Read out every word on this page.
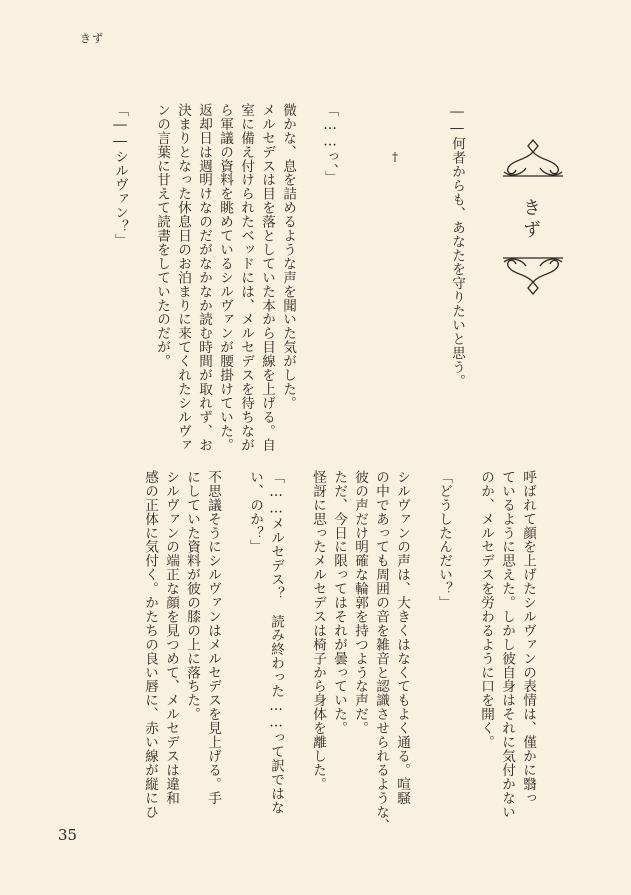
きず
きず
――何者からも、あなたを守りたいと思う。
†
「……っ、」

微かな、息を詰めるような声を聞いた気がした。
メルセデスは目を落としていた本から目線を上げる。自
室に備え付けられたベッドには、メルセデスを待ちなが
ら軍議の資料を眺めているシルヴァンが腰掛けていた。
返却日は週明けなのだがなかなか読む時間が取れず、お
決まりとなった休息日のお泊まりに来てくれたシルヴァ
ンの言葉に甘えて読書をしていたのだが。

「――シルヴァン？」
呼ばれて顔を上げたシルヴァンの表情は、僅かに翳っ
ているように思えた。しかし彼自身はそれに気付かない
のか、メルセデスを労わるように口を開く。

「どうしたんだい？」

シルヴァンの声は、大きくはなくてもよく通る。喧騒
の中であっても周囲の音を雑音と認識させられるような、
彼の声だけ明確な輪郭を持つような声だ。
ただ、今日に限ってはそれが曇っていた。
怪訝に思ったメルセデスは椅子から身体を離した。

「……メルセデス？　読み終わった……って訳ではな
い、のか？」

不思議そうにシルヴァンはメルセデスを見上げる。手
にしていた資料が彼の膝の上に落ちた。
シルヴァンの端正な顔を見つめて、メルセデスは違和
感の正体に気付く。かたちの良い唇に、赤い線が縦にひ
35
